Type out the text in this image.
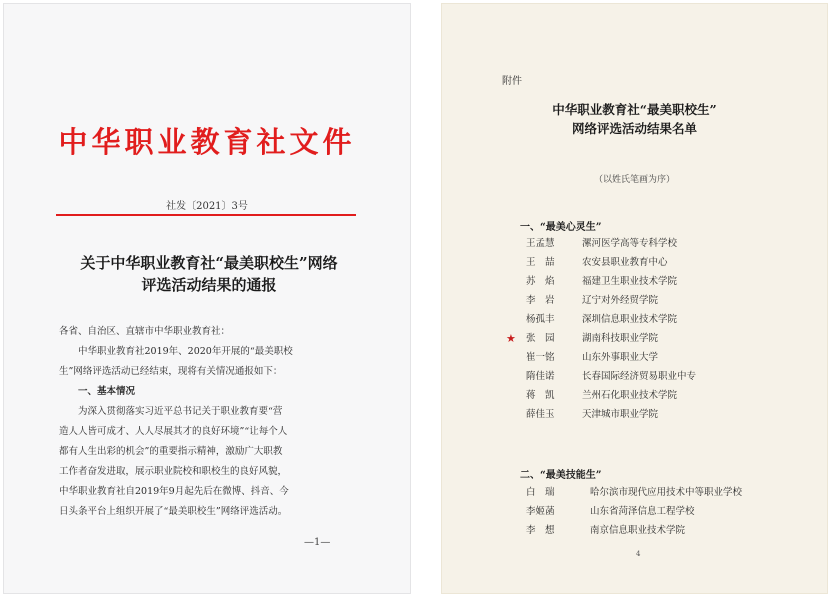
中华职业教育社文件
社发〔2021〕3号
关于中华职业教育社“最美职校生”网络
评选活动结果的通报

各省、自治区、直辖市中华职业教育社：

中华职业教育社2019年、2020年开展的“最美职校

生”网络评选活动已经结束，现将有关情况通报如下：

一、基本情况

为深入贯彻落实习近平总书记关于职业教育要“营

造人人皆可成才、人人尽展其才的良好环境”“让每个人

都有人生出彩的机会”的重要指示精神，激励广大职教

工作者奋发进取，展示职业院校和职校生的良好风貌，

中华职业教育社自2019年9月起先后在微博、抖音、今

日头条平台上组织开展了“最美职校生”网络评选活动。

—1—
附件
中华职业教育社“最美职校生”
网络评选活动结果名单
（以姓氏笔画为序）
一、“最美心灵生”
王孟慧	漯河医学高等专科学校
王　喆	农安县职业教育中心
苏　焰	福建卫生职业技术学院
李　岩	辽宁对外经贸学院
杨孤丰	深圳信息职业技术学院
★ 张　园	湖南科技职业学院
崔一铭	山东外事职业大学
隋佳诺	长春国际经济贸易职业中专
蒋　凯	兰州石化职业技术学院
薛佳玉	天津城市职业学院
二、“最美技能生”
白　瑞	哈尔滨市现代应用技术中等职业学校
李姬菡	山东省菏泽信息工程学校
李　想	南京信息职业技术学院
4
